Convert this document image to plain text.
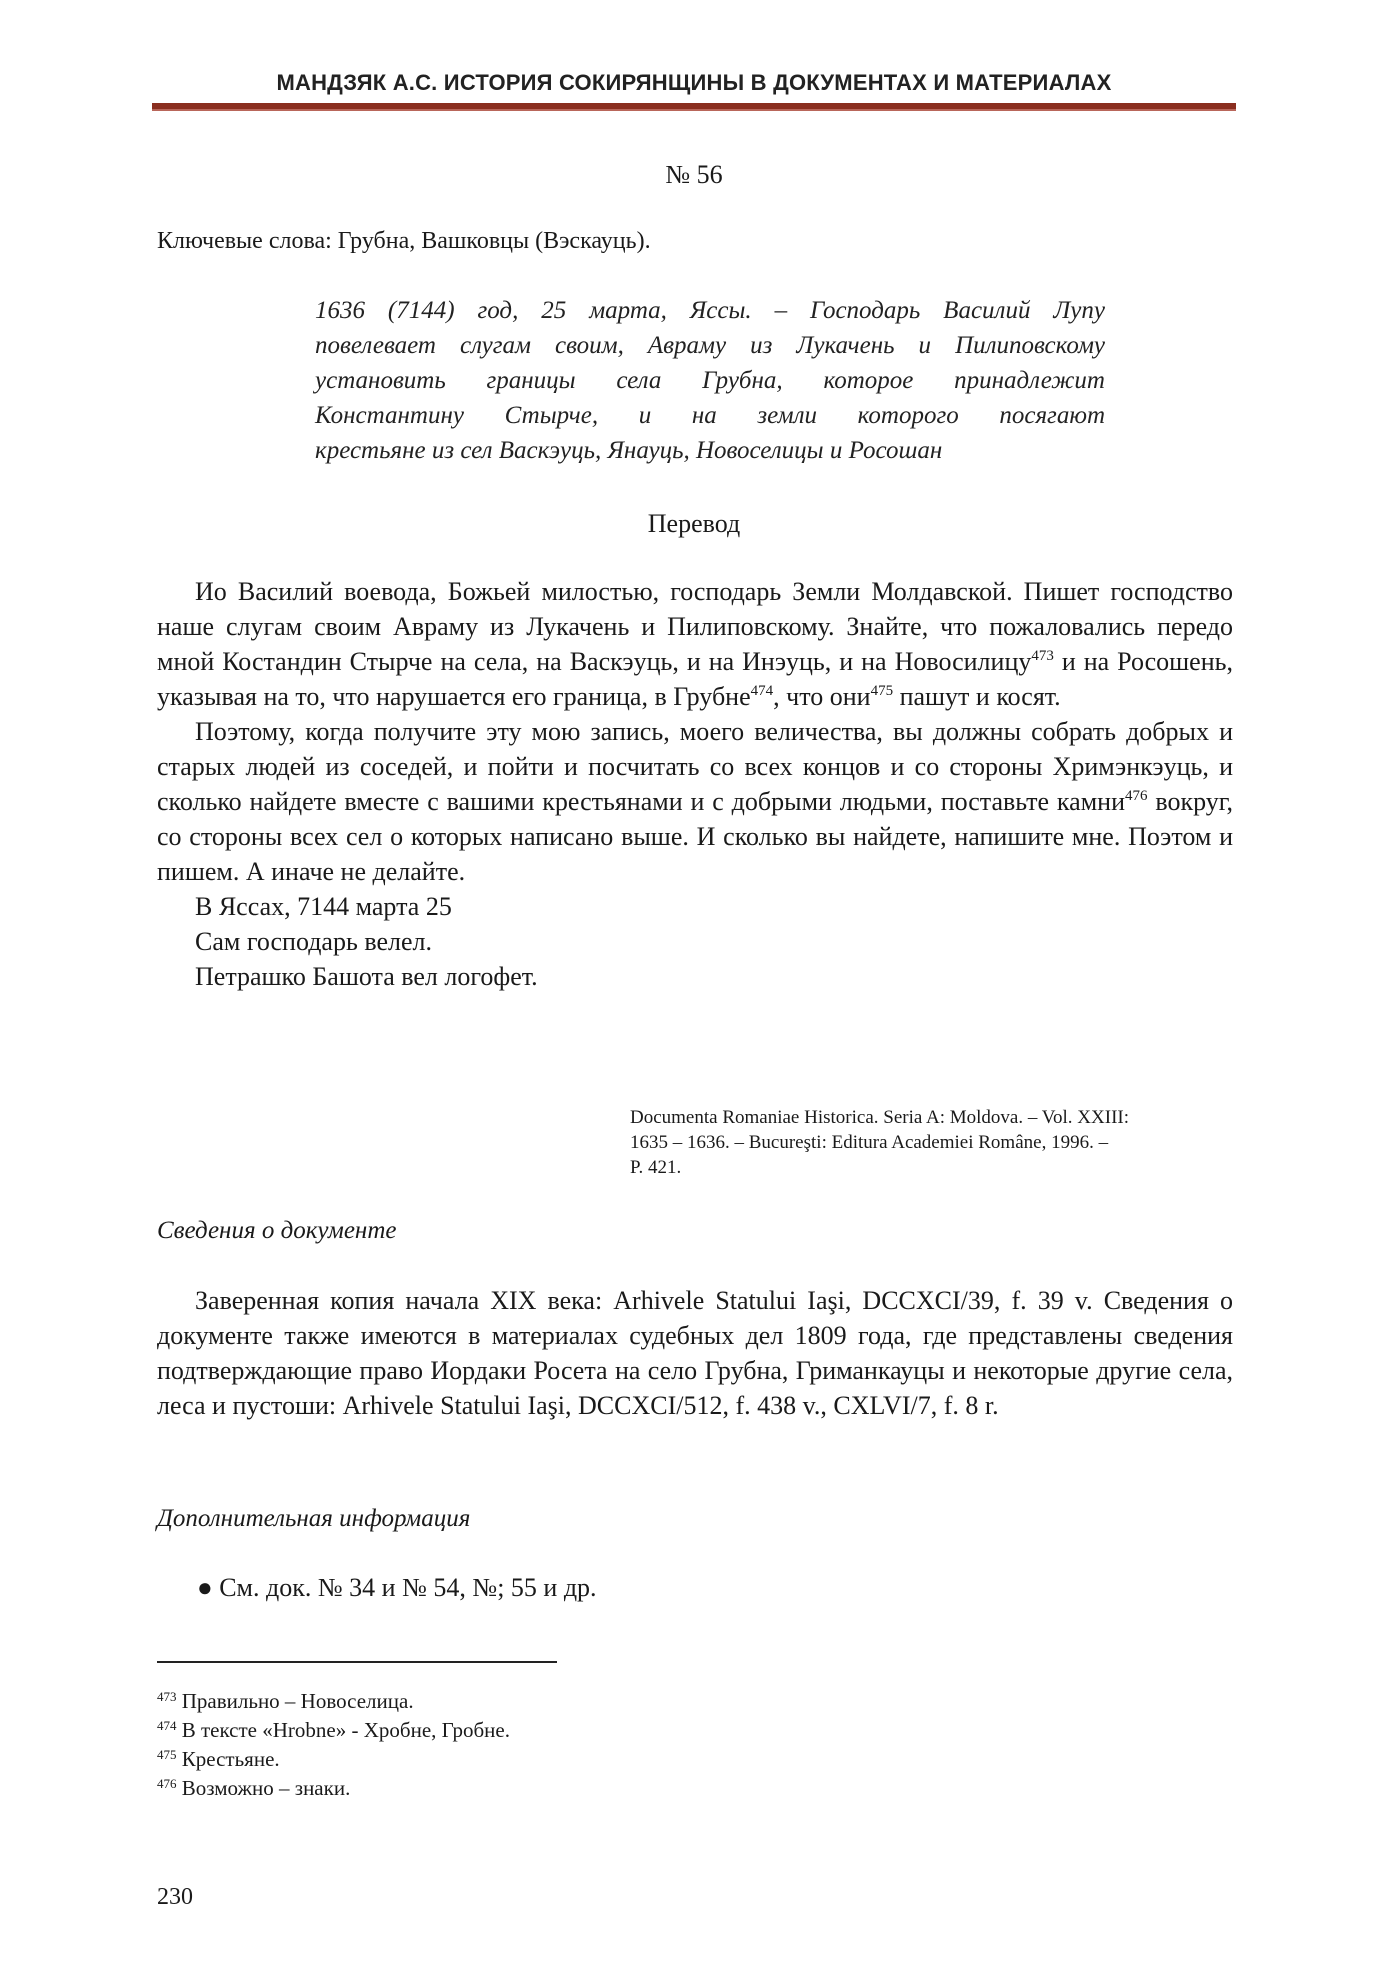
МАНДЗЯК А.С. ИСТОРИЯ СОКИРЯНЩИНЫ В ДОКУМЕНТАХ И МАТЕРИАЛАХ
№ 56
Ключевые слова: Грубна, Вашковцы (Вэскауць).
1636 (7144) год, 25 марта, Яссы. – Господарь Василий Лупу
повелевает слугам своим, Авраму из Лукачень и Пилиповскому
установить границы села Грубна, которое принадлежит
Константину Стырче, и на земли которого посягают
крестьяне из сел Васкэуць, Янауць, Новоселицы и Росошан
Перевод

Ио Василий воевода, Божьей милостью, господарь Земли Молдавской. Пишет господство наше слугам своим Авраму из Лукачень и Пилиповскому. Знайте, что пожаловались передо мной Костандин Стырче на села, на Васкэуць, и на Инэуць, и на Новосилицу$^{473}$ и на Росошень, указывая на то, что нарушается его граница, в Грубне$^{474}$, что они$^{475}$ пашут и косят.

Поэтому, когда получите эту мою запись, моего величества, вы должны собрать добрых и старых людей из соседей, и пойти и посчитать со всех концов и со стороны Хримэнкэуць, и сколько найдете вместе с вашими крестьянами и с добрыми людьми, поставьте камни$^{476}$ вокруг, со стороны всех сел о которых написано выше. И сколько вы найдете, напишите мне. Поэтом и пишем. А иначе не делайте.

В Яссах, 7144 марта 25

Сам господарь велел.

Петрашко Башота вел логофет.

Documenta Romaniae Historica. Seria A: Moldova. – Vol. XXIII:
1635 – 1636. – Bucureşti: Editura Academiei Române, 1996. –
P. 421.
Сведения о документе

Заверенная копия начала XIX века: Arhivele Statului Iaşi, DCCXCI/39, f. 39 v. Сведения о документе также имеются в материалах судебных дел 1809 года, где представлены сведения подтверждающие право Иордаки Росета на село Грубна, Гриманкауцы и некоторые другие села, леса и пустоши: Arhivele Statului Iaşi, DCCXCI/512, f. 438 v., CXLVI/7, f. 8 r.

Дополнительная информация
● См. док. № 34 и № 54, №; 55 и др.
$^{473}$ Правильно – Новоселица.
$^{474}$ В тексте «Hrobne» - Хробне, Гробне.
$^{475}$ Крестьяне.
$^{476}$ Возможно – знаки.
230
